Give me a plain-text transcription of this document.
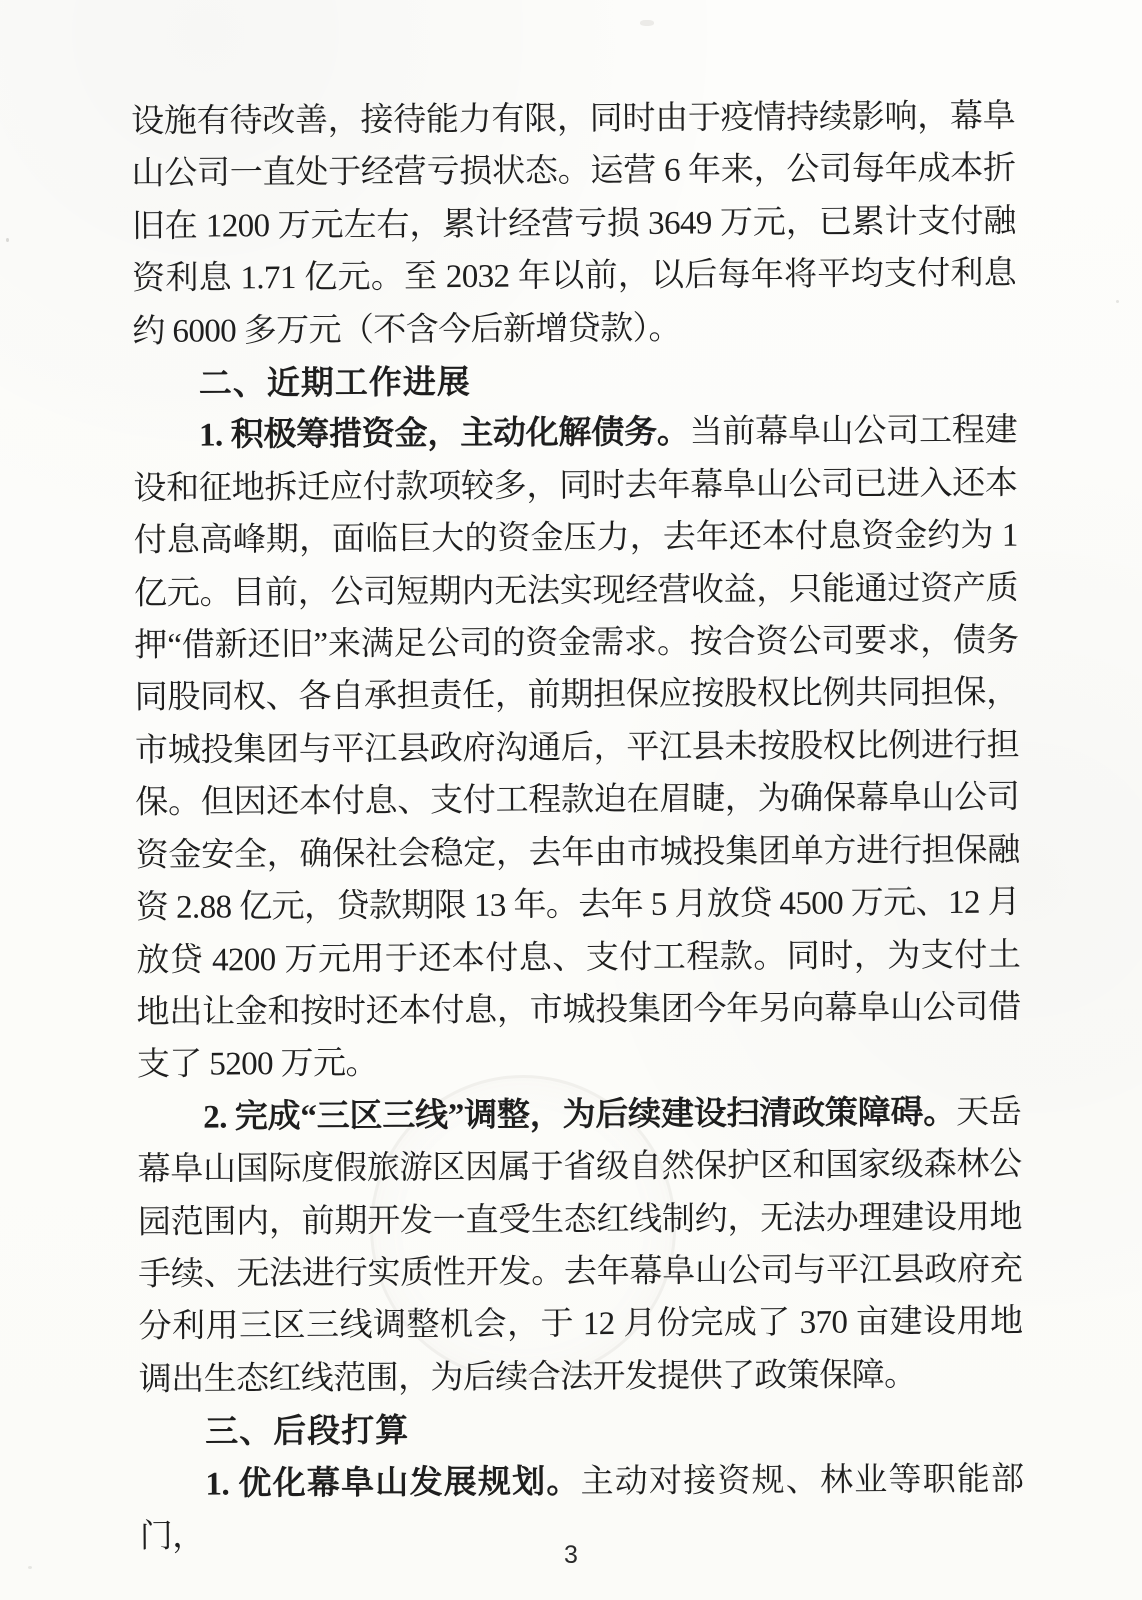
设施有待改善，接待能力有限，同时由于疫情持续影响，幕阜山公司一直处于经营亏损状态。运营 6 年来，公司每年成本折旧在 1200 万元左右，累计经营亏损 3649 万元，已累计支付融资利息 1.71 亿元。至 2032 年以前，以后每年将平均支付利息约 6000 多万元（不含今后新增贷款）。
二、近期工作进展
1. 积极筹措资金，主动化解债务。当前幕阜山公司工程建设和征地拆迁应付款项较多，同时去年幕阜山公司已进入还本付息高峰期，面临巨大的资金压力，去年还本付息资金约为 1 亿元。目前，公司短期内无法实现经营收益，只能通过资产质押“借新还旧”来满足公司的资金需求。按合资公司要求，债务同股同权、各自承担责任，前期担保应按股权比例共同担保，市城投集团与平江县政府沟通后，平江县未按股权比例进行担保。但因还本付息、支付工程款迫在眉睫，为确保幕阜山公司资金安全，确保社会稳定，去年由市城投集团单方进行担保融资 2.88 亿元，贷款期限 13 年。去年 5 月放贷 4500 万元、12 月放贷 4200 万元用于还本付息、支付工程款。同时，为支付土地出让金和按时还本付息，市城投集团今年另向幕阜山公司借支了 5200 万元。
2. 完成“三区三线”调整，为后续建设扫清政策障碍。天岳幕阜山国际度假旅游区因属于省级自然保护区和国家级森林公园范围内，前期开发一直受生态红线制约，无法办理建设用地手续、无法进行实质性开发。去年幕阜山公司与平江县政府充分利用三区三线调整机会，于 12 月份完成了 370 亩建设用地调出生态红线范围，为后续合法开发提供了政策保障。
三、后段打算
1. 优化幕阜山发展规划。主动对接资规、林业等职能部门，
3
